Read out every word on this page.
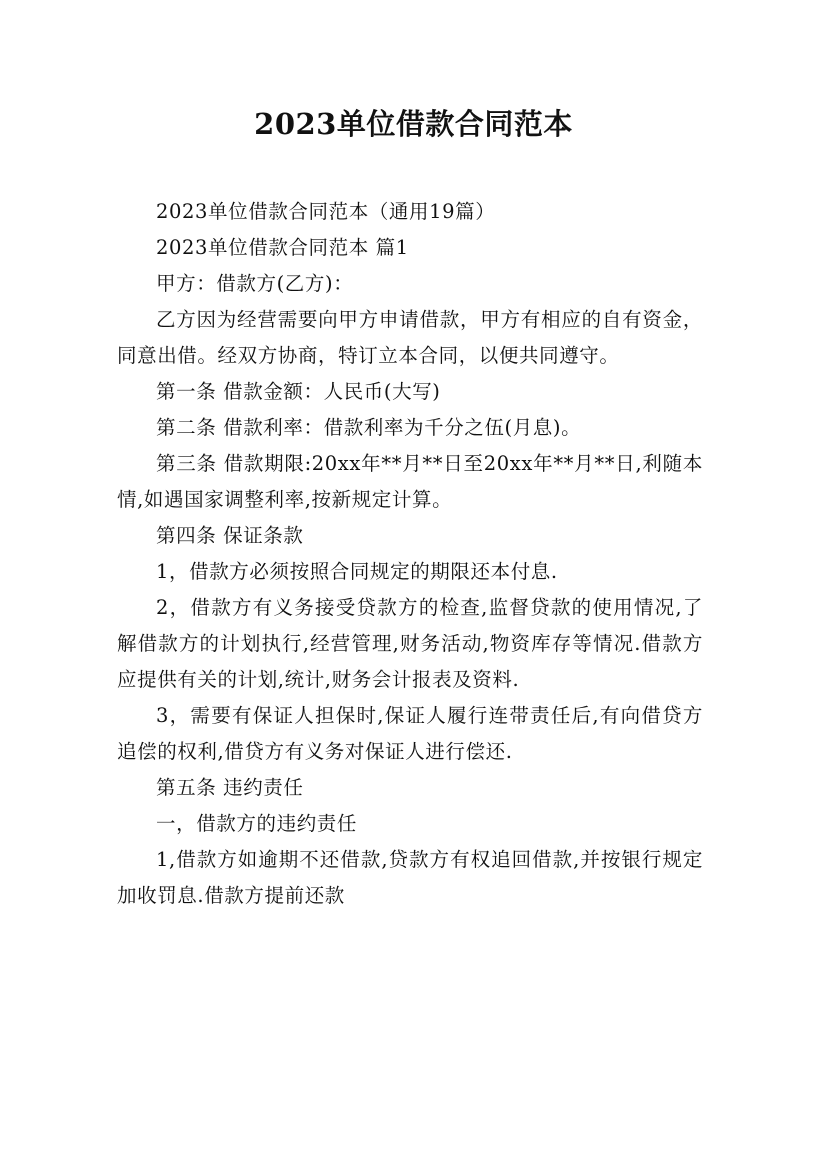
2023单位借款合同范本

2023单位借款合同范本（通用19篇）

2023单位借款合同范本 篇1

甲方：借款方(乙方)：

乙方因为经营需要向甲方申请借款，甲方有相应的自有资金，同意出借。经双方协商，特订立本合同，以便共同遵守。

第一条 借款金额：人民币(大写)

第二条 借款利率：借款利率为千分之伍(月息)。

第三条 借款期限:20xx年**月**日至20xx年**月**日,利随本情,如遇国家调整利率,按新规定计算。

第四条 保证条款

1，借款方必须按照合同规定的期限还本付息.

2，借款方有义务接受贷款方的检查,监督贷款的使用情况,了解借款方的计划执行,经营管理,财务活动,物资库存等情况.借款方应提供有关的计划,统计,财务会计报表及资料.

3，需要有保证人担保时,保证人履行连带责任后,有向借贷方追偿的权利,借贷方有义务对保证人进行偿还.

第五条 违约责任

一，借款方的违约责任

1,借款方如逾期不还借款,贷款方有权追回借款,并按银行规定加收罚息.借款方提前还款
